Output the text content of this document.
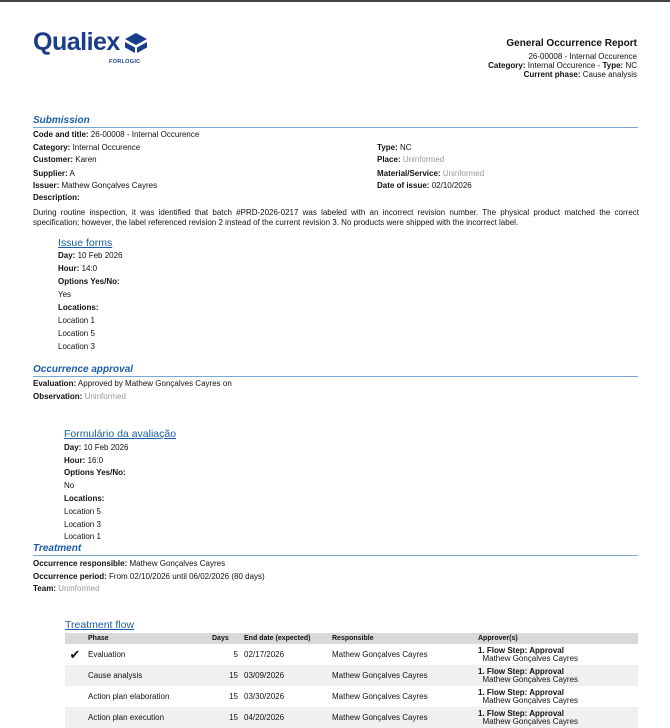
Qualiex
FORLOGIC
General Occurrence Report
26-00008 - Internal Occurence
Category: Internal Occurence - Type: NC
Current phase: Cause analysis
Submission
Code and title: 26-00008 - Internal Occurence
Category: Internal Occurence
Customer: Karen
Supplier: A
Issuer: Mathew Gonçalves Cayres
Description:
Type: NC
Place: Uninformed
Material/Service: Uninformed
Date of issue: 02/10/2026
During routine inspection, it was identified that batch #PRD-2026-0217 was labeled with an incorrect revision number. The physical product matched the correct specification; however, the label referenced revision 2 instead of the current revision 3. No products were shipped with the incorrect label.
Issue forms
Day: 10 Feb 2026
Hour: 14:0
Options Yes/No:
Yes
Locations:
Location 1
Location 5
Location 3
Occurrence approval
Evaluation: Approved by Mathew Gonçalves Cayres on
Observation: Uninformed
Formulário da avaliação
Day: 10 Feb 2026
Hour: 16:0
Options Yes/No:
No
Locations:
Location 5
Location 3
Location 1
Treatment
Occurrence responsible: Mathew Gonçalves Cayres
Occurrence period: From 02/10/2026 until 06/02/2026 (80 days)
Team: Uninformed
Treatment flow
	Phase	Days	End date (expected)	Responsible	Approver(s)
✔	Evaluation	5	02/17/2026	Mathew Gonçalves Cayres	1. Flow Step: Approval
Mathew Gonçalves Cayres
	Cause analysis	15	03/09/2026	Mathew Gonçalves Cayres	1. Flow Step: Approval
Mathew Gonçalves Cayres
	Action plan elaboration	15	03/30/2026	Mathew Gonçalves Cayres	1. Flow Step: Approval
Mathew Gonçalves Cayres
	Action plan execution	15	04/20/2026	Mathew Gonçalves Cayres	1. Flow Step: Approval
Mathew Gonçalves Cayres
